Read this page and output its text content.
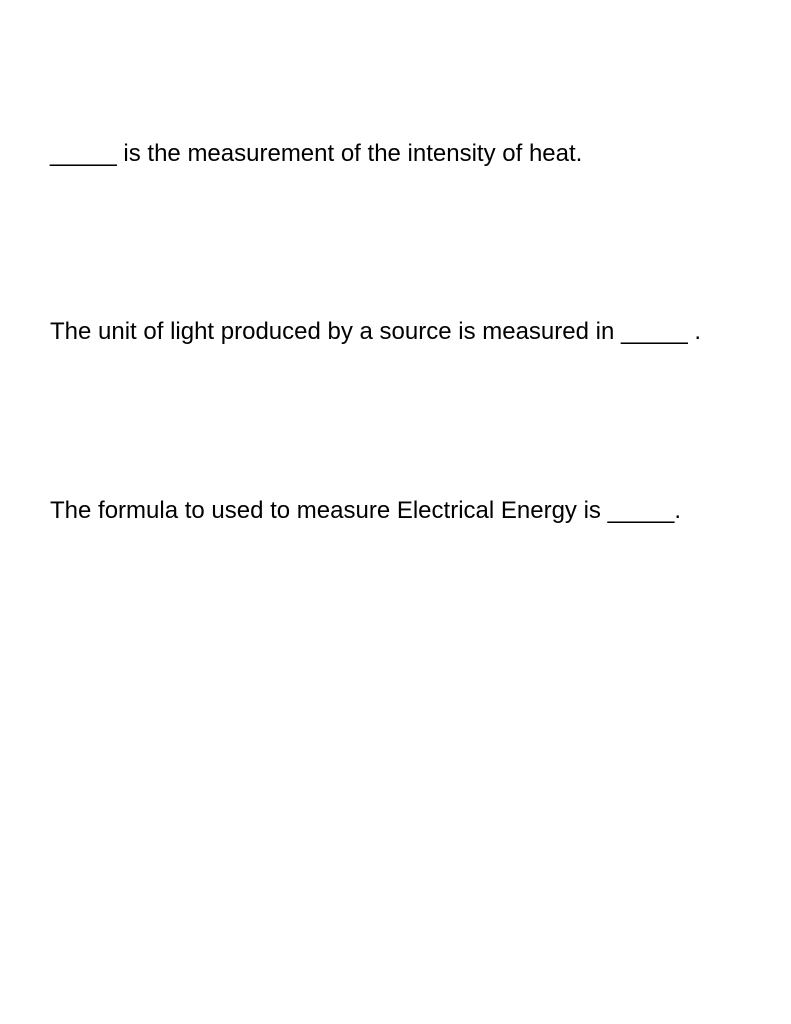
_____ is the measurement of the intensity of heat.
The unit of light produced by a source is measured in _____ .
The formula to used to measure Electrical Energy is _____.
